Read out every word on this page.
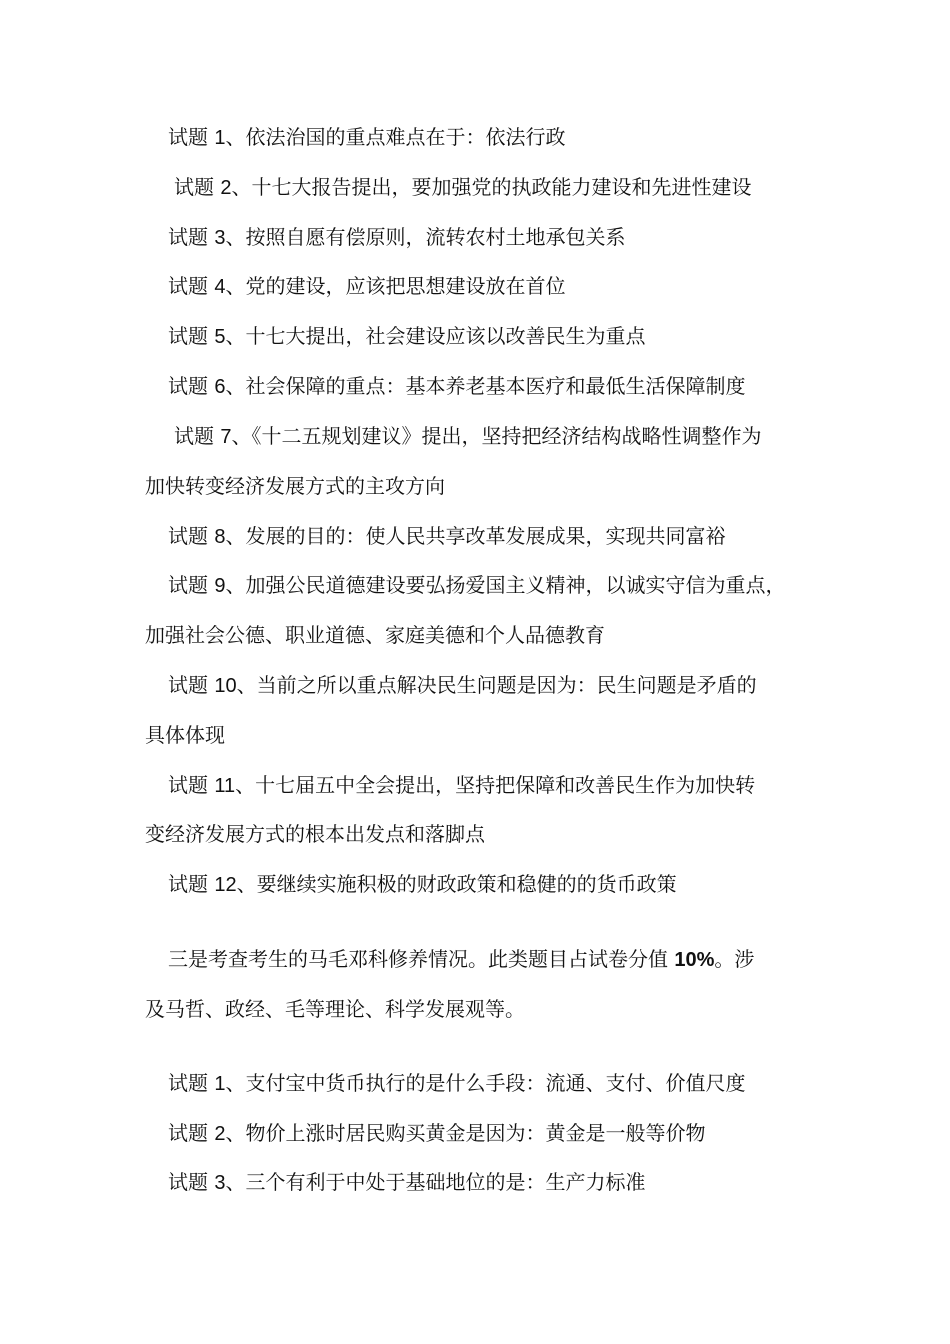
试题 1、依法治国的重点难点在于：依法行政
试题 2、十七大报告提出，要加强党的执政能力建设和先进性建设
试题 3、按照自愿有偿原则，流转农村土地承包关系
试题 4、党的建设，应该把思想建设放在首位
试题 5、十七大提出，社会建设应该以改善民生为重点
试题 6、社会保障的重点：基本养老基本医疗和最低生活保障制度
试题 7、《十二五规划建议》提出，坚持把经济结构战略性调整作为
加快转变经济发展方式的主攻方向
试题 8、发展的目的：使人民共享改革发展成果，实现共同富裕
试题 9、加强公民道德建设要弘扬爱国主义精神，以诚实守信为重点，
加强社会公德、职业道德、家庭美德和个人品德教育
试题 10、当前之所以重点解决民生问题是因为：民生问题是矛盾的
具体体现
试题 11、十七届五中全会提出，坚持把保障和改善民生作为加快转
变经济发展方式的根本出发点和落脚点
试题 12、要继续实施积极的财政政策和稳健的的货币政策
三是考查考生的马毛邓科修养情况。此类题目占试卷分值 10%。涉
及马哲、政经、毛等理论、科学发展观等。
试题 1、支付宝中货币执行的是什么手段：流通、支付、价值尺度
试题 2、物价上涨时居民购买黄金是因为：黄金是一般等价物
试题 3、三个有利于中处于基础地位的是：生产力标准
